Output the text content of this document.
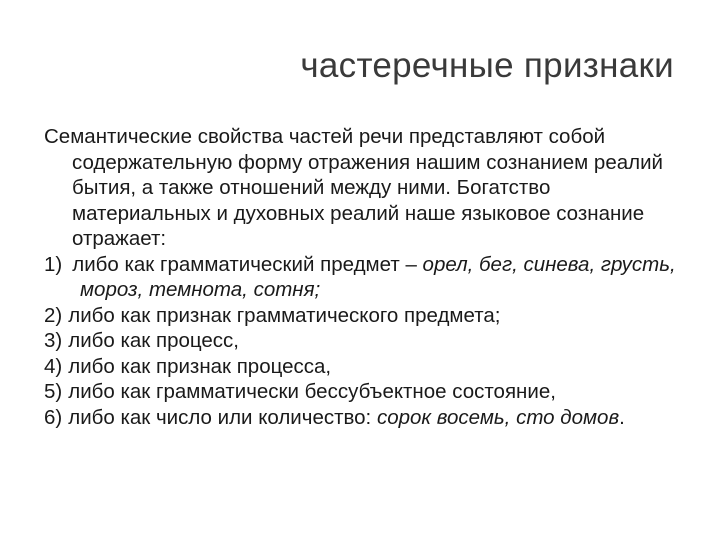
частеречные признаки

Семантические свойства частей речи представляют собой содержательную форму отражения нашим сознанием реалий бытия, а также отношений между ними. Богатство материальных и духовных реалий наше языковое сознание отражает:

1) либо как грамматический предмет – орел, бег, синева, грусть, мороз, темнота, сотня;

2) либо как признак грамматического предмета;

3) либо как процесс,

4) либо как признак процесса,

5) либо как грамматически бессубъектное состояние,

6) либо как число или количество: сорок восемь, сто домов.
